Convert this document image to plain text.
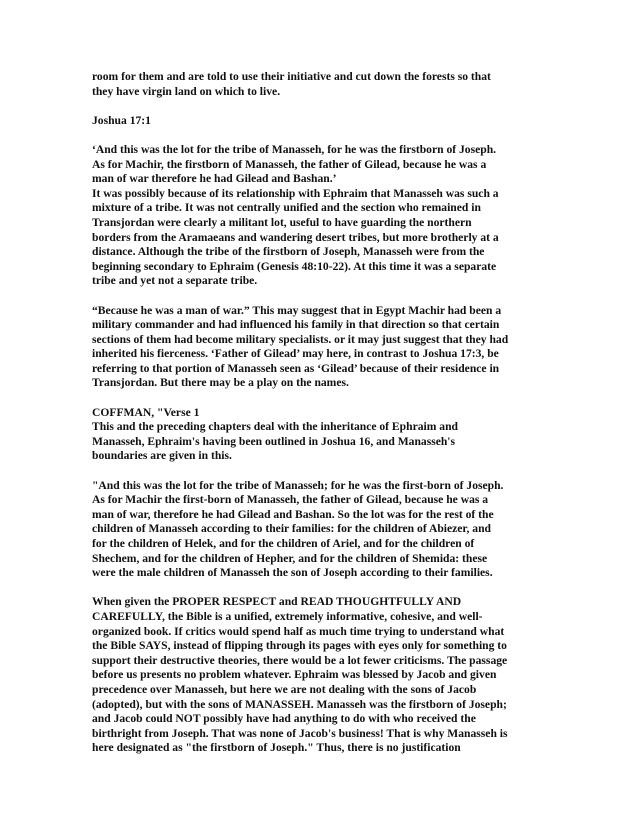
room for them and are told to use their initiative and cut down the forests so that
they have virgin land on which to live.
Joshua 17:1
‘And this was the lot for the tribe of Manasseh, for he was the firstborn of Joseph.
As for Machir, the firstborn of Manasseh, the father of Gilead, because he was a
man of war therefore he had Gilead and Bashan.’
It was possibly because of its relationship with Ephraim that Manasseh was such a
mixture of a tribe. It was not centrally unified and the section who remained in
Transjordan were clearly a militant lot, useful to have guarding the northern
borders from the Aramaeans and wandering desert tribes, but more brotherly at a
distance. Although the tribe of the firstborn of Joseph, Manasseh were from the
beginning secondary to Ephraim (Genesis 48:10-22). At this time it was a separate
tribe and yet not a separate tribe.
“Because he was a man of war.” This may suggest that in Egypt Machir had been a
military commander and had influenced his family in that direction so that certain
sections of them had become military specialists. or it may just suggest that they had
inherited his fierceness. ‘Father of Gilead’ may here, in contrast to Joshua 17:3, be
referring to that portion of Manasseh seen as ‘Gilead’ because of their residence in
Transjordan. But there may be a play on the names.
COFFMAN, "Verse 1
This and the preceding chapters deal with the inheritance of Ephraim and
Manasseh, Ephraim's having been outlined in Joshua 16, and Manasseh's
boundaries are given in this.
"And this was the lot for the tribe of Manasseh; for he was the first-born of Joseph.
As for Machir the first-born of Manasseh, the father of Gilead, because he was a
man of war, therefore he had Gilead and Bashan. So the lot was for the rest of the
children of Manasseh according to their families: for the children of Abiezer, and
for the children of Helek, and for the children of Ariel, and for the children of
Shechem, and for the children of Hepher, and for the children of Shemida: these
were the male children of Manasseh the son of Joseph according to their families.
When given the PROPER RESPECT and READ THOUGHTFULLY AND
CAREFULLY, the Bible is a unified, extremely informative, cohesive, and well-
organized book. If critics would spend half as much time trying to understand what
the Bible SAYS, instead of flipping through its pages with eyes only for something to
support their destructive theories, there would be a lot fewer criticisms. The passage
before us presents no problem whatever. Ephraim was blessed by Jacob and given
precedence over Manasseh, but here we are not dealing with the sons of Jacob
(adopted), but with the sons of MANASSEH. Manasseh was the firstborn of Joseph;
and Jacob could NOT possibly have had anything to do with who received the
birthright from Joseph. That was none of Jacob's business! That is why Manasseh is
here designated as "the firstborn of Joseph." Thus, there is no justification
